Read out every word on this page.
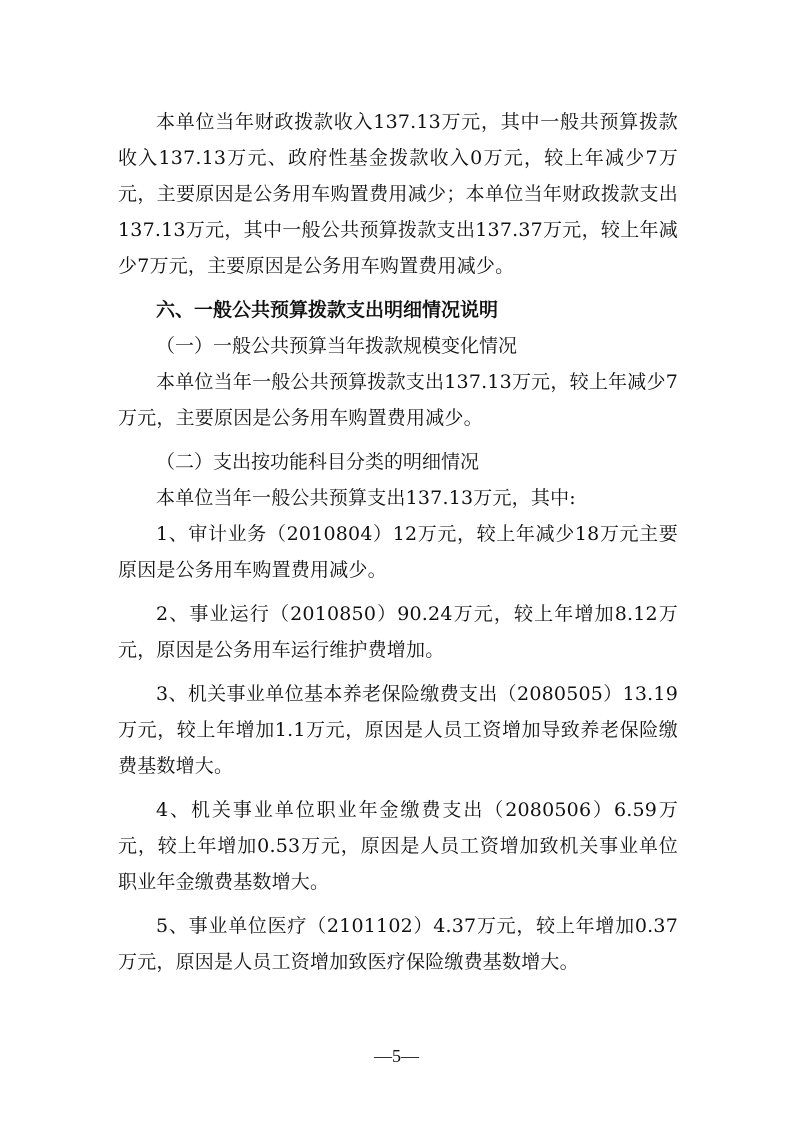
本单位当年财政拨款收入137.13万元，其中一般共预算拨款收入137.13万元、政府性基金拨款收入0万元，较上年减少7万元，主要原因是公务用车购置费用减少；本单位当年财政拨款支出137.13万元，其中一般公共预算拨款支出137.37万元，较上年减少7万元，主要原因是公务用车购置费用减少。

六、一般公共预算拨款支出明细情况说明

（一）一般公共预算当年拨款规模变化情况

本单位当年一般公共预算拨款支出137.13万元，较上年减少7万元，主要原因是公务用车购置费用减少。

（二）支出按功能科目分类的明细情况

本单位当年一般公共预算支出137.13万元，其中:

1、审计业务（2010804）12万元，较上年减少18万元主要原因是公务用车购置费用减少。

2、事业运行（2010850）90.24万元，较上年增加8.12万元，原因是公务用车运行维护费增加。

3、机关事业单位基本养老保险缴费支出（2080505）13.19万元，较上年增加1.1万元，原因是人员工资增加导致养老保险缴费基数增大。

4、机关事业单位职业年金缴费支出（2080506）6.59万元，较上年增加0.53万元，原因是人员工资增加致机关事业单位职业年金缴费基数增大。

5、事业单位医疗（2101102）4.37万元，较上年增加0.37万元，原因是人员工资增加致医疗保险缴费基数增大。

—5—
